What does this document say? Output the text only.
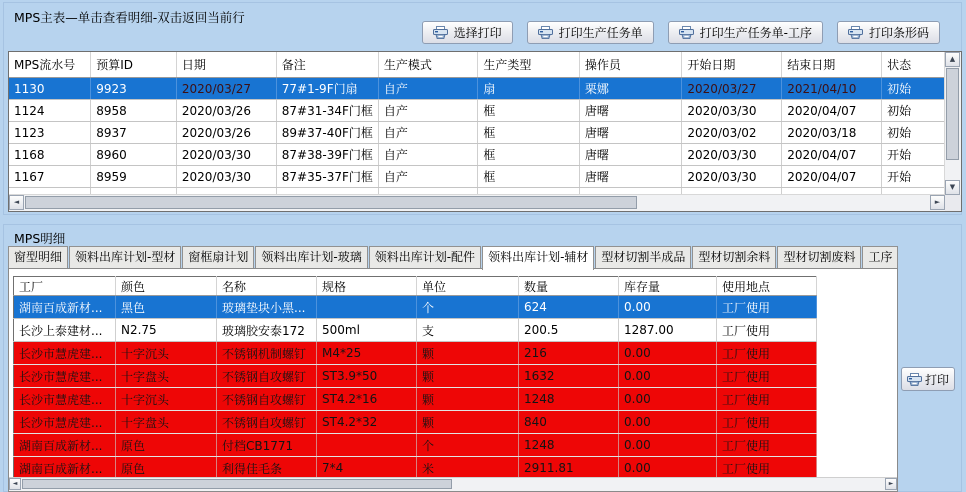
MPS主表—单击查看明细-双击返回当前行
选择打印	打印生产任务单	打印生产任务单-工序	打印条形码
MPS流水号	预算ID	日期	备注	生产模式	生产类型	操作员	开始日期	结束日期	状态
1130	9923	2020/03/27	77#1-9F门扇	自产	扇	栗娜	2020/03/27	2021/04/10	初始
1124	8958	2020/03/26	87#31-34F门框	自产	框	唐曙	2020/03/30	2020/04/07	初始
1123	8937	2020/03/26	89#37-40F门框	自产	框	唐曙	2020/03/02	2020/03/18	初始
1168	8960	2020/03/30	87#38-39F门框	自产	框	唐曙	2020/03/30	2020/04/07	开始
1167	8959	2020/03/30	87#35-37F门框	自产	框	唐曙	2020/03/30	2020/04/07	开始

▲
▼
◄	►
MPS明细
窗型明细	领料出库计划-型材	窗框扇计划	领料出库计划-玻璃	领料出库计划-配件	领料出库计划-辅材	型材切割半成品	型材切割余料	型材切割废料	工序
工厂	颜色	名称	规格	单位	数量	库存量	使用地点
湖南百成新材...	黑色	玻璃垫块小黑...		个	624	0.00	工厂使用
长沙上泰建材...	N2.75	玻璃胶安泰172	500ml	支	200.5	1287.00	工厂使用
长沙市慧虎建...	十字沉头	不锈钢机制螺钉	M4*25	颗	216	0.00	工厂使用
长沙市慧虎建...	十字盘头	不锈钢自攻螺钉	ST3.9*50	颗	1632	0.00	工厂使用
长沙市慧虎建...	十字沉头	不锈钢自攻螺钉	ST4.2*16	颗	1248	0.00	工厂使用
长沙市慧虎建...	十字盘头	不锈钢自攻螺钉	ST4.2*32	颗	840	0.00	工厂使用
湖南百成新材...	原色	付档CB1771		个	1248	0.00	工厂使用
湖南百成新材...	原色	利得佳毛条	7*4	米	2911.81	0.00	工厂使用
◄	►
打印
